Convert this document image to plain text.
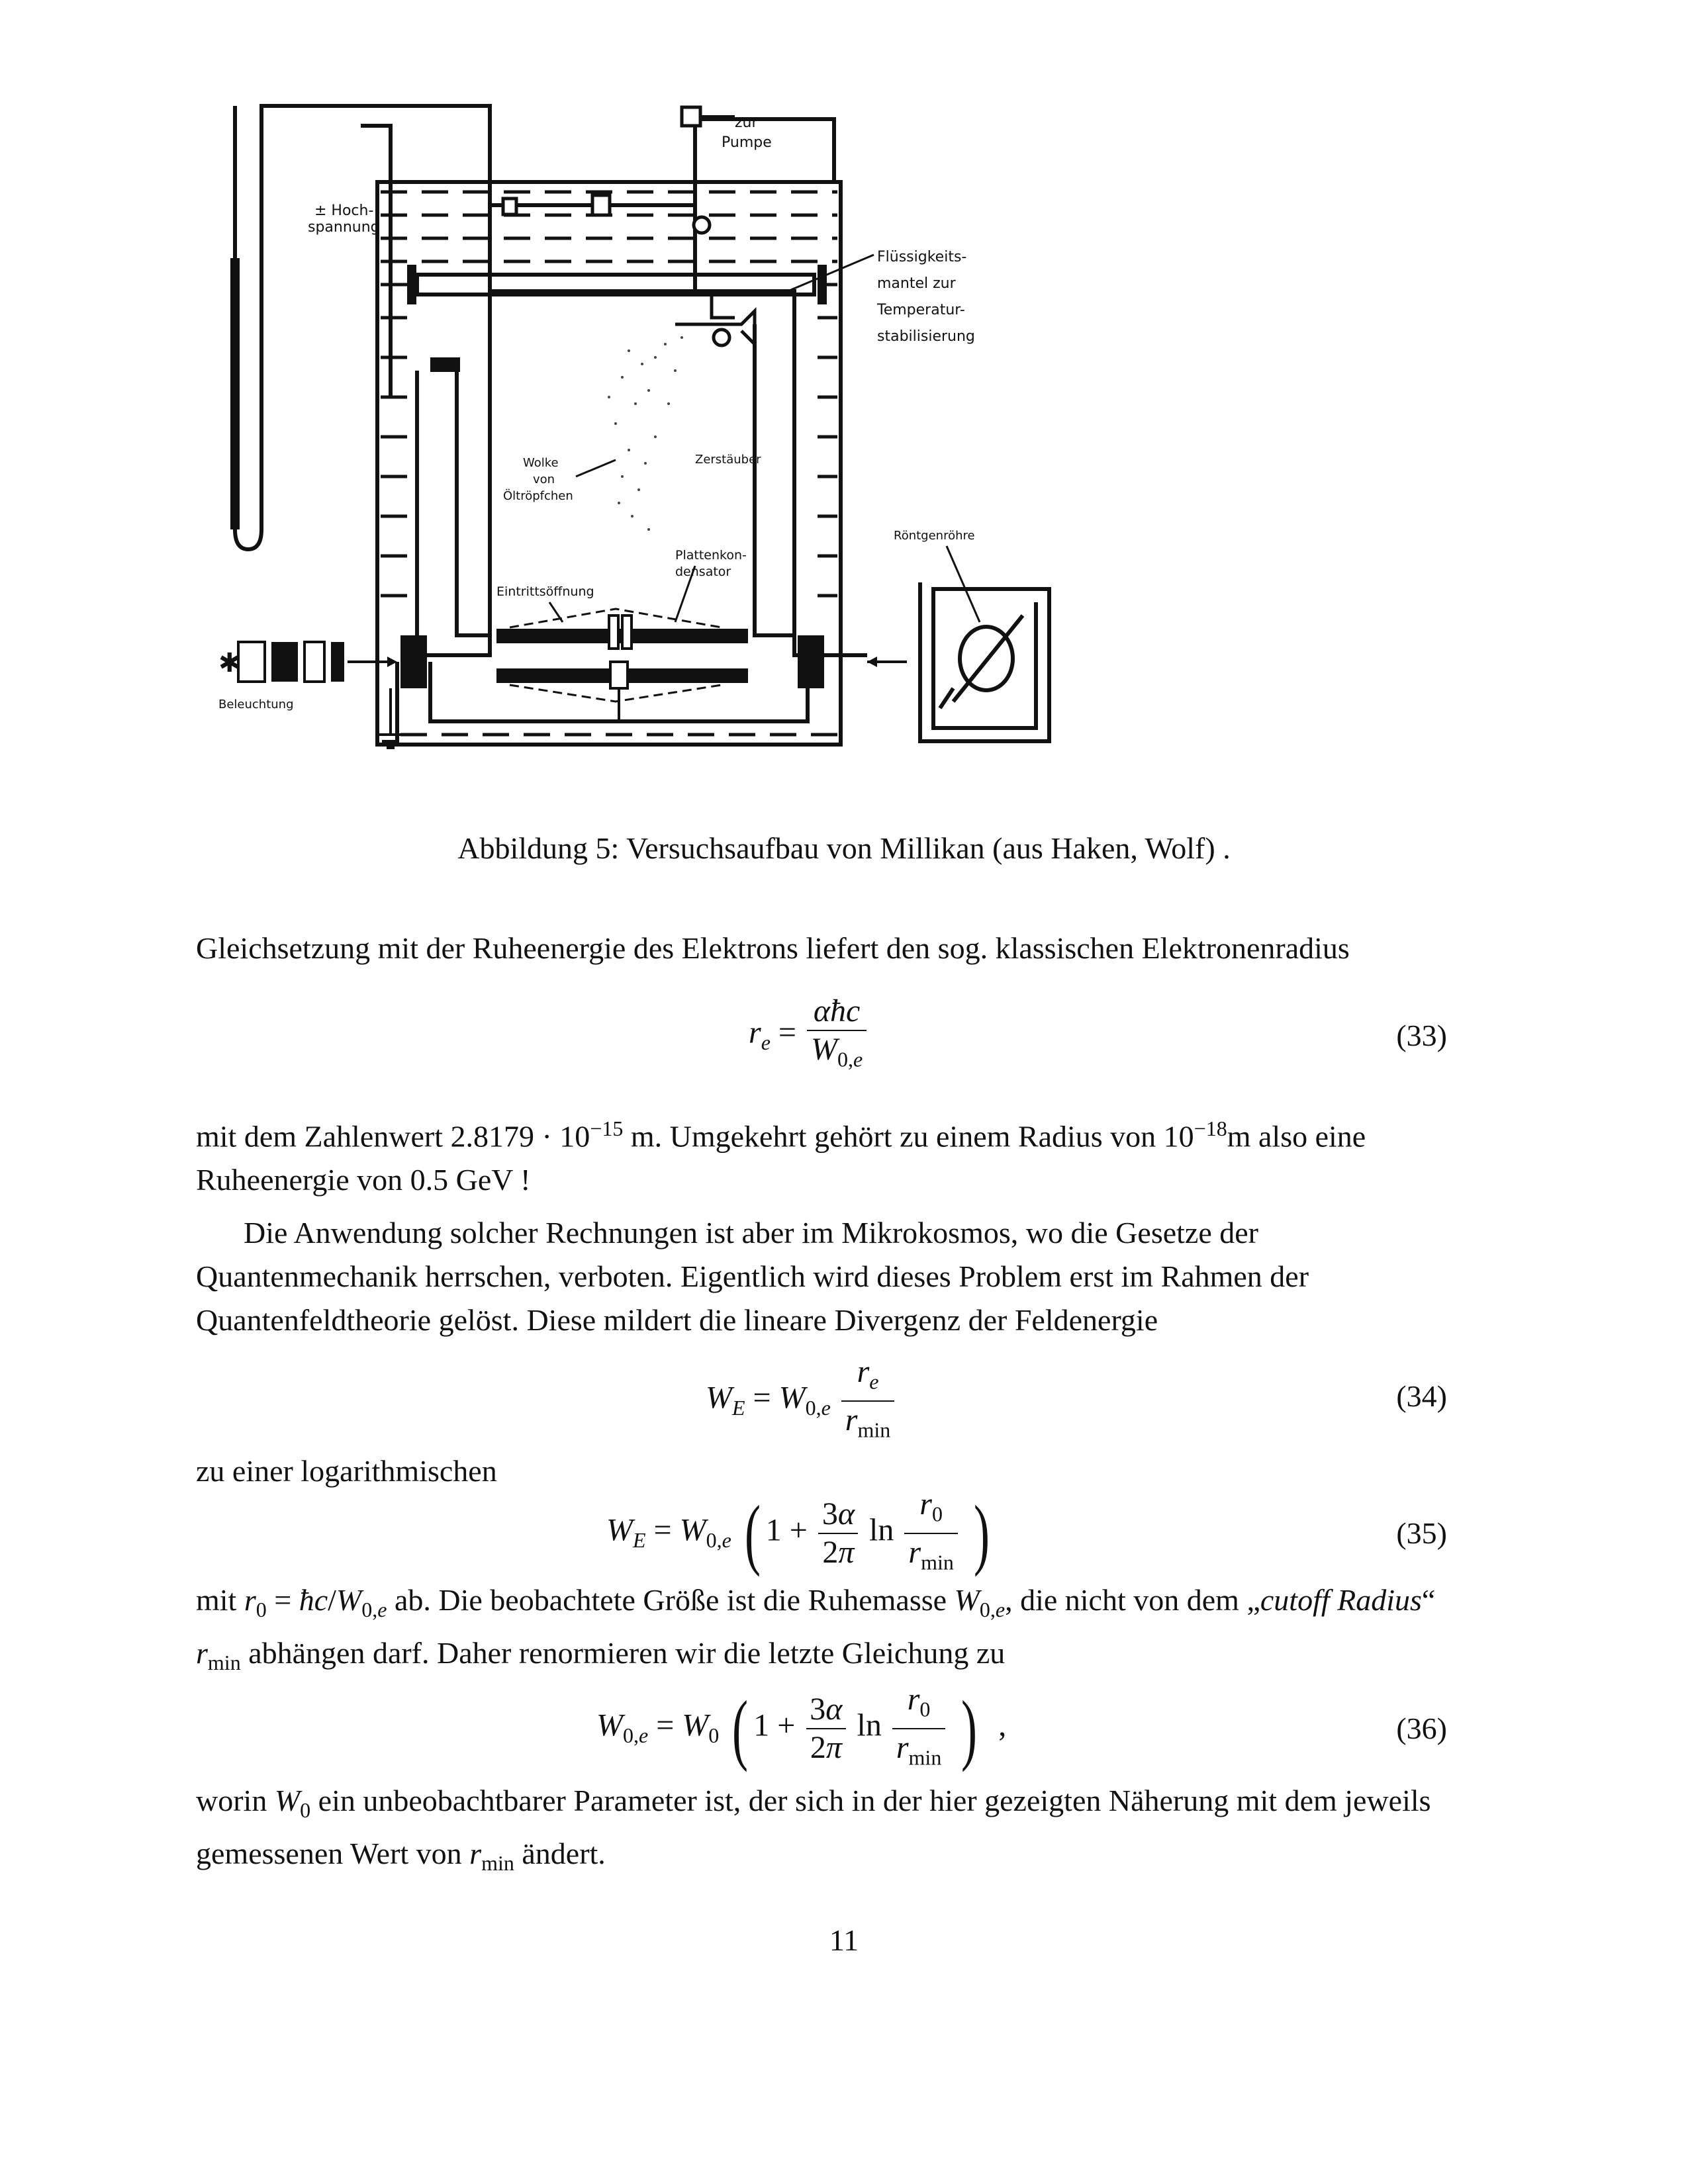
✱
zur
Pumpe
± Hoch-
spannung
Flüssigkeits-
mantel zur
Temperatur-
stabilisierung
Wolke
von
Öltröpfchen
Zerstäuber
Plattenkon-
densator
Eintrittsöffnung
Röntgenröhre
Beleuchtung
Abbildung 5: Versuchsaufbau von Millikan (aus Haken, Wolf) .
Gleichsetzung mit der Ruheenergie des Elektrons liefert den sog. klassischen Elektronenradius
$r_e = \frac{\text{αħc}}{W_{0,e}}$	(33)
mit dem Zahlenwert $2.8179 \cdot 10^{-15}$ m. Umgekehrt gehört zu einem Radius von $10^{-18}m$ also eine Ruheenergie von 0.5 GeV !
Die Anwendung solcher Rechnungen ist aber im Mikrokosmos, wo die Gesetze der Quantenmechanik herrschen, verboten. Eigentlich wird dieses Problem erst im Rahmen der Quantenfeldtheorie gelöst. Diese mildert die lineare Divergenz der Feldenergie
$W_E = W_{0,e} \frac{r_e}{r_{min}}$	(34)
zu einer logarithmischen
$W_E = W_{0,e}$ ( $1 + \frac{3\alpha}{2\pi}$ $\ln \frac{r_0}{r_{min}}$ )	(35)
mit $r_0$ = $ħc/W_{0,e}$ ab. Die beobachtete Größe ist die Ruhemasse $W_{0,e}$, die nicht von dem „cutoff Radius“ $r_{min}$ abhängen darf. Daher renormieren wir die letzte Gleichung zu
$W_{0,e} = W_0$ ( $1 + \frac{3\alpha}{2\pi}$ $\ln \frac{r_0}{r_{min}}$ )  ,	(36)
worin $W_0$ ein unbeobachtbarer Parameter ist, der sich in der hier gezeigten Näherung mit dem jeweils gemessenen Wert von $r_{min}$ ändert.
11
